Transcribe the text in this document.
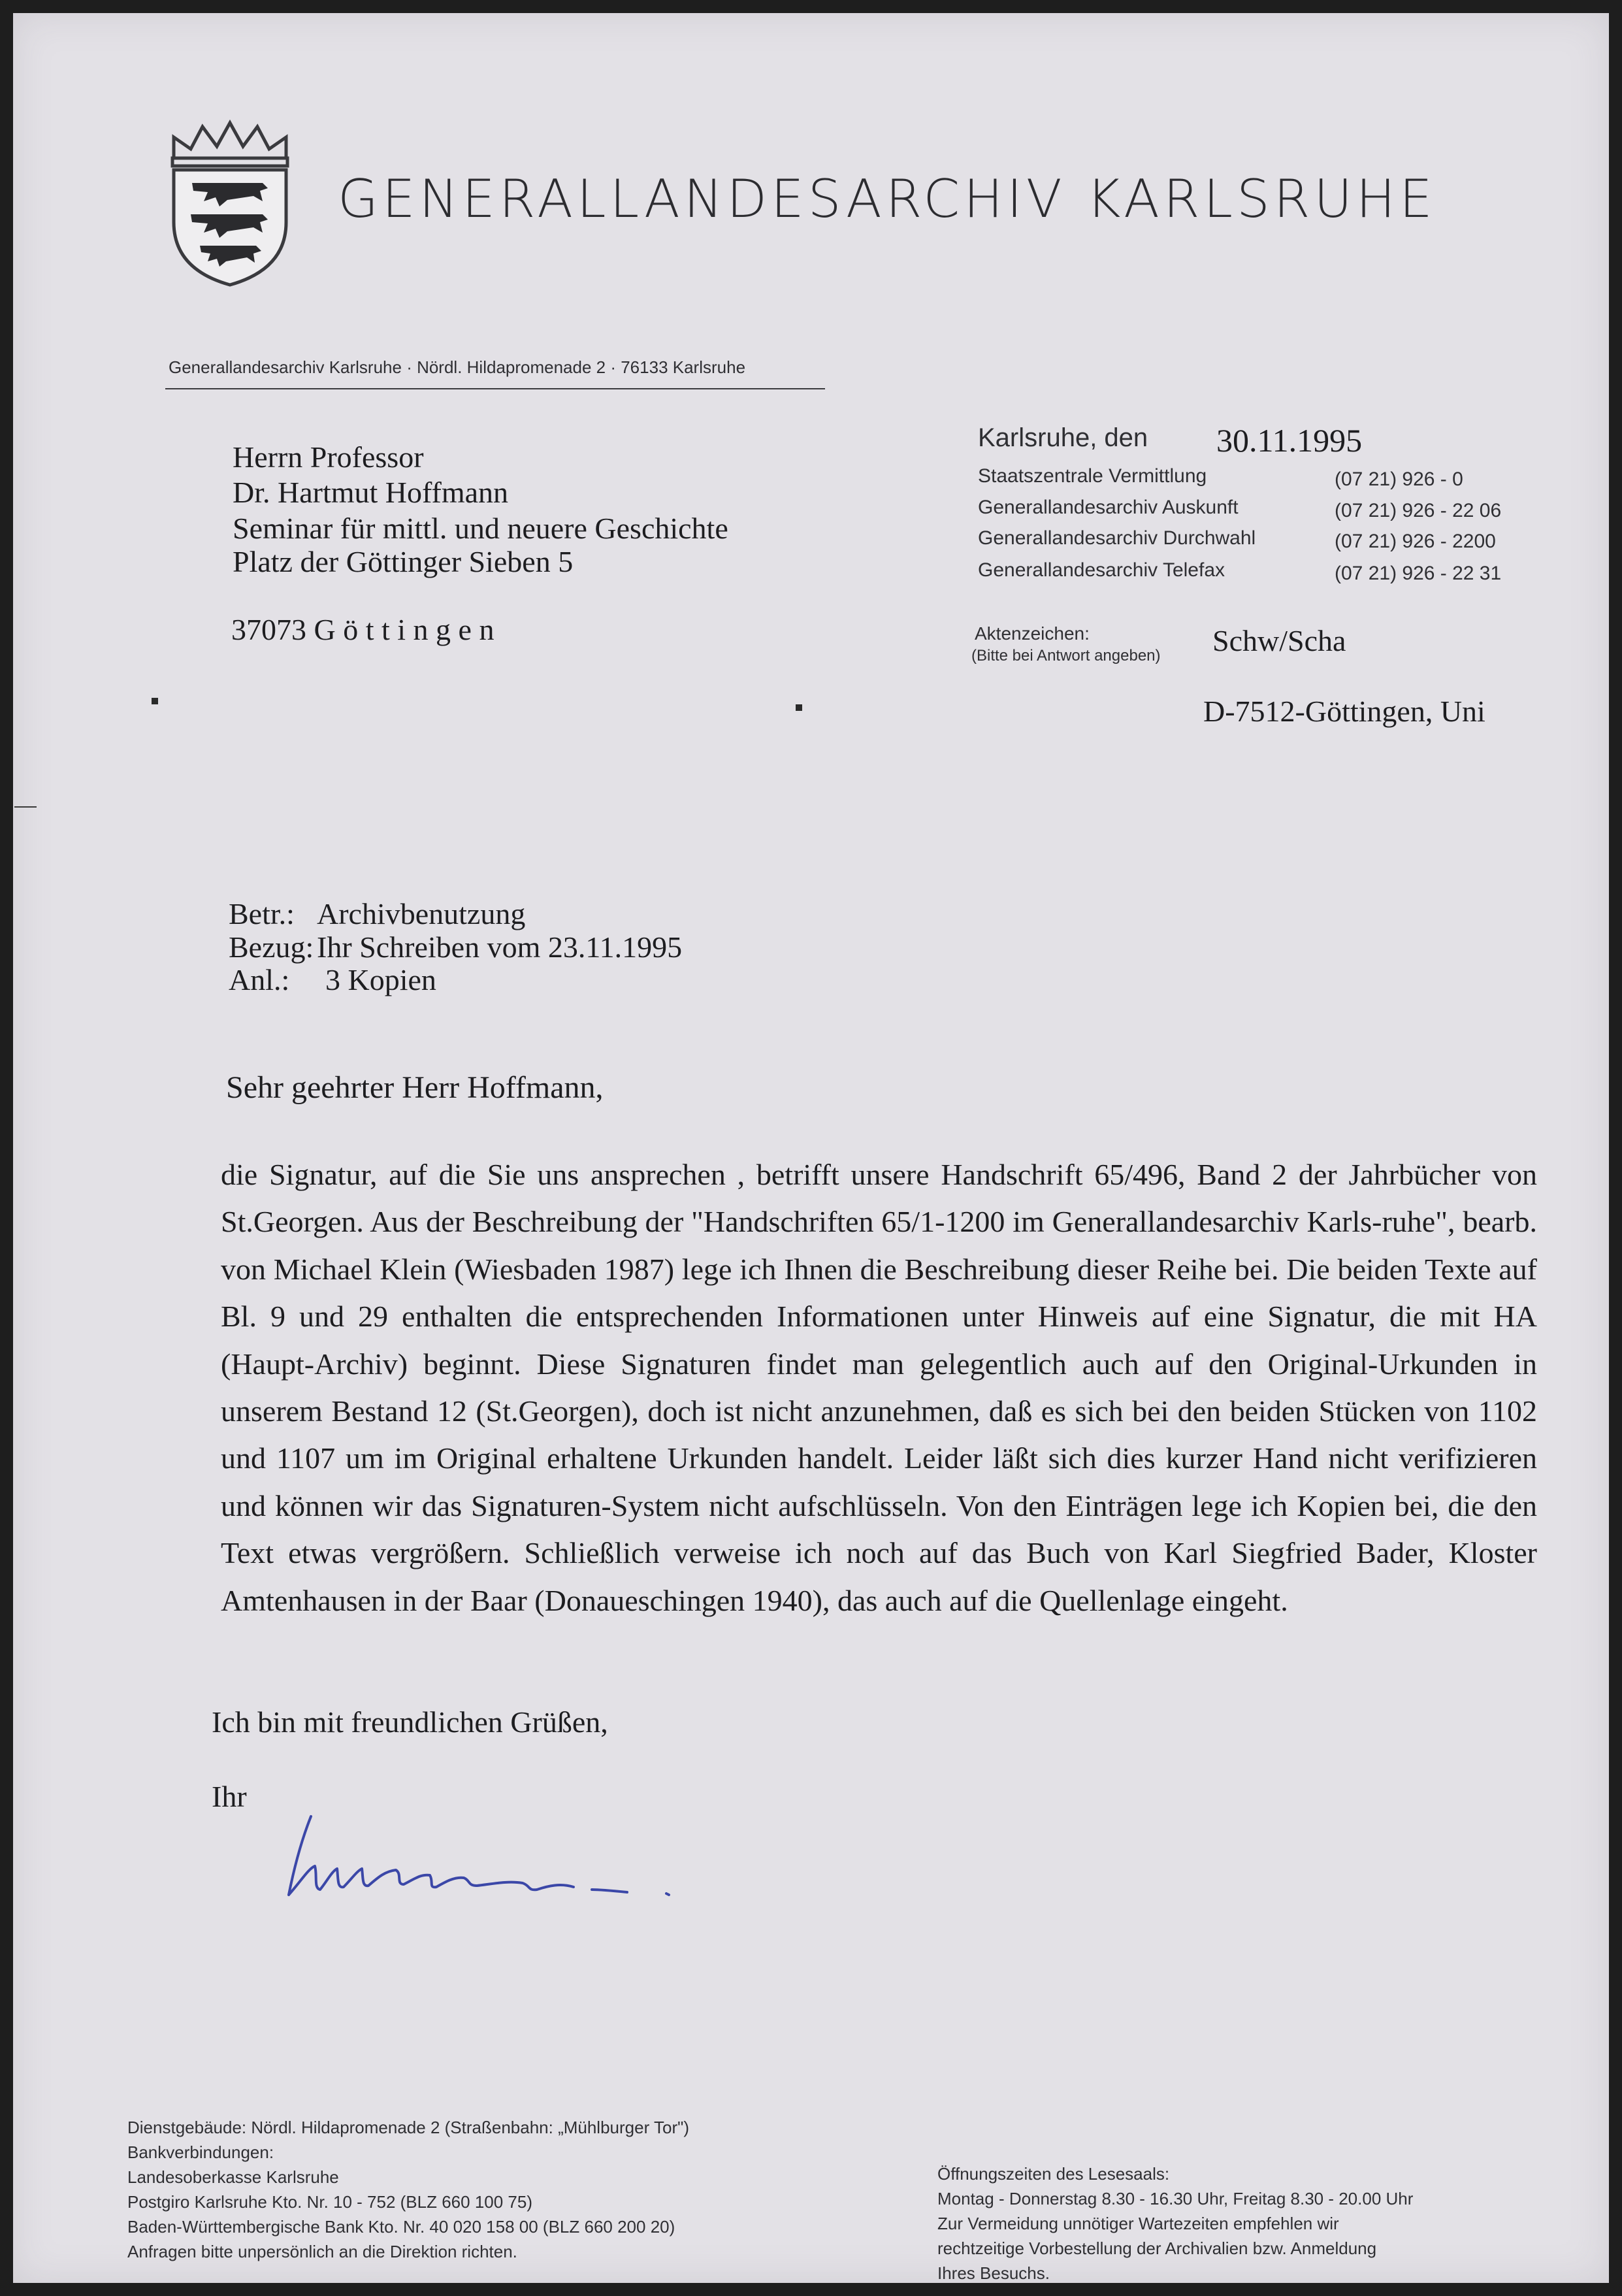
GENERALLANDESARCHIV KARLSRUHE
Generallandesarchiv Karlsruhe · Nördl. Hildapromenade 2 · 76133 Karlsruhe
Herrn Professor
Dr. Hartmut Hoffmann
Seminar für mittl. und neuere Geschichte
Platz der Göttinger Sieben 5
37073 G ö t t i n g e n
Karlsruhe, den 30.11.1995
Staatszentrale Vermittlung	(07 21) 926 - 0
Generallandesarchiv Auskunft	(07 21) 926 - 22 06
Generallandesarchiv Durchwahl	(07 21) 926 - 2200
Generallandesarchiv Telefax	(07 21) 926 - 22 31
Aktenzeichen:
(Bitte bei Antwort angeben) Schw/Scha
D-7512-Göttingen, Uni
Betr.: Archivbenutzung
Bezug: Ihr Schreiben vom 23.11.1995
Anl.: 3 Kopien
Sehr geehrter Herr Hoffmann,
die Signatur, auf die Sie uns ansprechen , betrifft unsere Handschrift 65/496, Band 2 der Jahrbücher von St.Georgen. Aus der Beschreibung der "Handschriften 65/1-1200 im Generallandesarchiv Karls-ruhe", bearb. von Michael Klein (Wiesbaden 1987) lege ich Ihnen die Beschreibung dieser Reihe bei. Die beiden Texte auf Bl. 9 und 29 enthalten die entsprechenden Informationen unter Hinweis auf eine Signatur, die mit HA (Haupt-Archiv) beginnt. Diese Signaturen findet man gelegentlich auch auf den Original-Urkunden in unserem Bestand 12 (St.Georgen), doch ist nicht anzunehmen, daß es sich bei den beiden Stücken von 1102 und 1107 um im Original erhaltene Urkunden handelt. Leider läßt sich dies kurzer Hand nicht verifizieren und können wir das Signaturen-System nicht aufschlüsseln. Von den Einträgen lege ich Kopien bei, die den Text etwas vergrößern. Schließlich verweise ich noch auf das Buch von Karl Siegfried Bader, Kloster Amtenhausen in der Baar (Donaueschingen 1940), das auch auf die Quellenlage eingeht.
Ich bin mit freundlichen Grüßen,
Ihr
Dienstgebäude: Nördl. Hildapromenade 2 (Straßenbahn: „Mühlburger Tor")
Bankverbindungen:
Landesoberkasse Karlsruhe
Postgiro Karlsruhe Kto. Nr. 10 - 752 (BLZ 660 100 75)
Baden-Württembergische Bank Kto. Nr. 40 020 158 00 (BLZ 660 200 20)
Anfragen bitte unpersönlich an die Direktion richten.
Öffnungszeiten des Lesesaals:
Montag - Donnerstag 8.30 - 16.30 Uhr, Freitag 8.30 - 20.00 Uhr
Zur Vermeidung unnötiger Wartezeiten empfehlen wir
rechtzeitige Vorbestellung der Archivalien bzw. Anmeldung
Ihres Besuchs.
